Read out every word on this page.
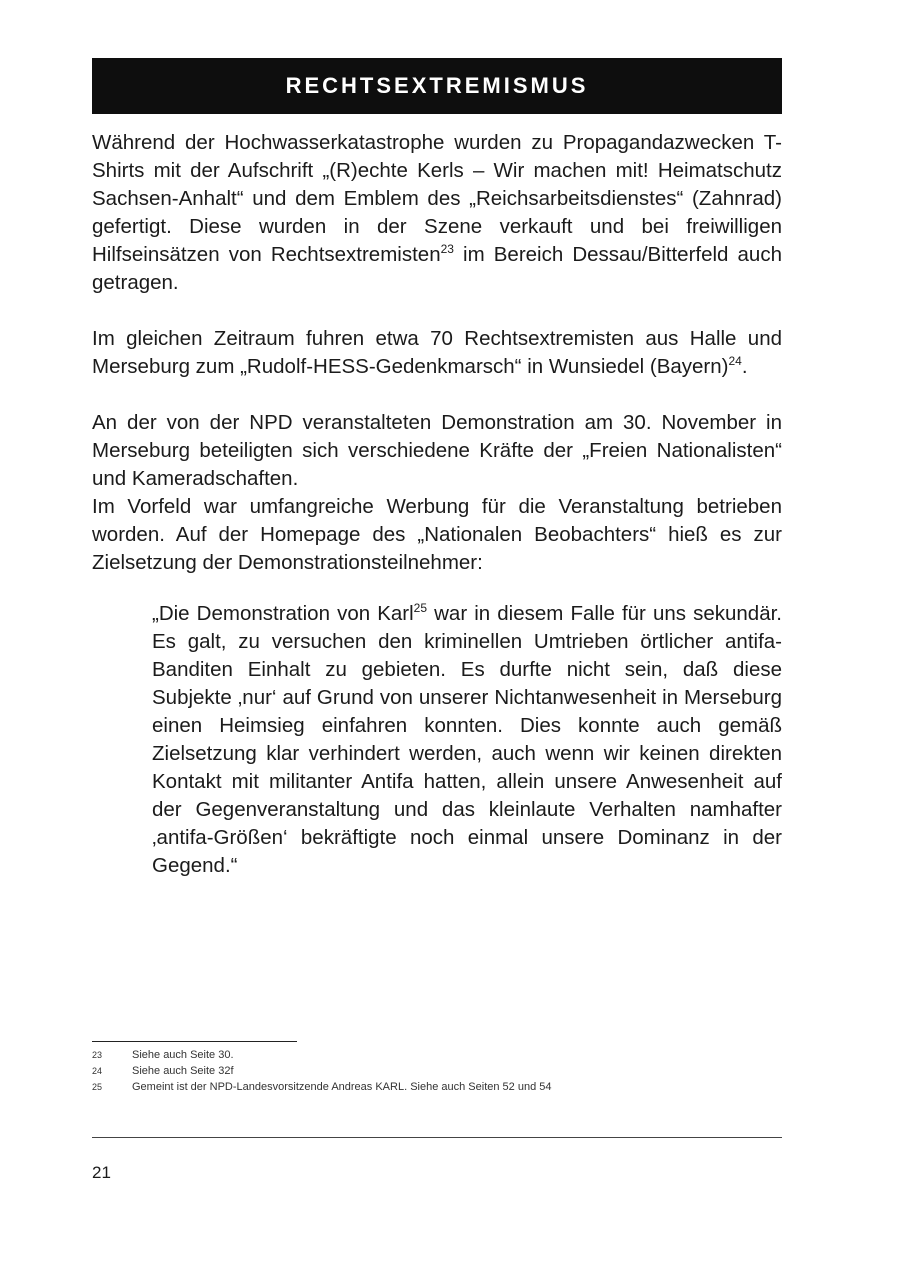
RECHTSEXTREMISMUS

Während der Hochwasserkatastrophe wurden zu Propagandazwecken T-Shirts mit der Aufschrift „(R)echte Kerls – Wir machen mit! Heimatschutz Sachsen-Anhalt“ und dem Emblem des „Reichsarbeitsdienstes“ (Zahnrad) gefertigt. Diese wurden in der Szene verkauft und bei freiwilligen Hilfseinsätzen von Rechtsextremisten$^{23}$ im Bereich Dessau/Bitterfeld auch getragen.

Im gleichen Zeitraum fuhren etwa 70 Rechtsextremisten aus Halle und Merseburg zum „Rudolf-HESS-Gedenkmarsch“ in Wunsiedel (Bayern)$^{24}$.

An der von der NPD veranstalteten Demonstration am 30. November in Merseburg beteiligten sich verschiedene Kräfte der „Freien Nationalisten“ und Kameradschaften.

Im Vorfeld war umfangreiche Werbung für die Veranstaltung betrieben worden. Auf der Homepage des „Nationalen Beobachters“ hieß es zur Zielsetzung der Demonstrationsteilnehmer:

„Die Demonstration von Karl$^{25}$ war in diesem Falle für uns sekundär. Es galt, zu versuchen den kriminellen Umtrieben örtlicher antifa-Banditen Einhalt zu gebieten. Es durfte nicht sein, daß diese Subjekte ‚nur‘ auf Grund von unserer Nichtanwesenheit in Merseburg einen Heimsieg einfahren konnten. Dies konnte auch gemäß Zielsetzung klar verhindert werden, auch wenn wir keinen direkten Kontakt mit militanter Antifa hatten, allein unsere Anwesenheit auf der Gegenveranstaltung und das kleinlaute Verhalten namhafter ‚antifa-Größen‘ bekräftigte noch einmal unsere Dominanz in der Gegend.“

23	Siehe auch Seite 30.
24	Siehe auch Seite 32f
25	Gemeint ist der NPD-Landesvorsitzende Andreas KARL. Siehe auch Seiten 52 und 54
21
